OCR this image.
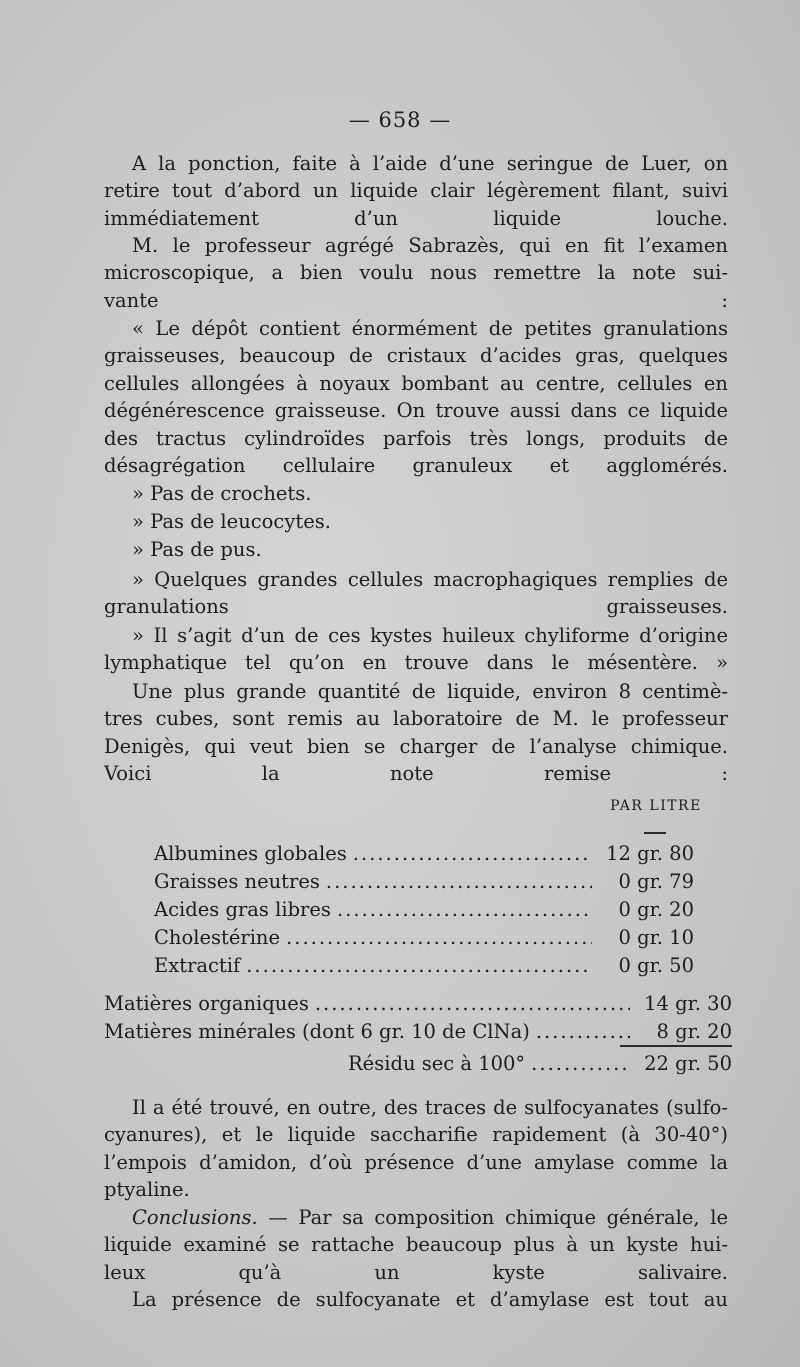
— 658 —
A la ponction, faite à l’aide d’une seringue de Luer, on
retire tout d’abord un liquide clair légèrement filant, suivi
immédiatement d’un liquide louche.
M. le professeur agrégé Sabrazès, qui en fit l’examen
microscopique, a bien voulu nous remettre la note sui-
vante :
« Le dépôt contient énormément de petites granulations
graisseuses, beaucoup de cristaux d’acides gras, quelques
cellules allongées à noyaux bombant au centre, cellules en
dégénérescence graisseuse. On trouve aussi dans ce liquide
des tractus cylindroïdes parfois très longs, produits de
désagrégation cellulaire granuleux et agglomérés.
» Pas de crochets.
» Pas de leucocytes.
» Pas de pus.
» Quelques grandes cellules macrophagiques remplies de
granulations graisseuses.
» Il s’agit d’un de ces kystes huileux chyliforme d’origine
lymphatique tel qu’on en trouve dans le mésentère. »
Une plus grande quantité de liquide, environ 8 centimè-
tres cubes, sont remis au laboratoire de M. le professeur
Denigès, qui veut bien se charger de l’analyse chimique.
Voici la note remise :
PAR LITRE
Albumines globales .....	12 gr. 80
Graisses neutres .....	0 gr. 79
Acides gras libres .....	0 gr. 20
Cholestérine .....	0 gr. 10
Extractif .....	0 gr. 50
Matières organiques .....	14 gr. 30
Matières minérales (dont 6 gr. 10 de ClNa) .....	8 gr. 20
Résidu sec à 100° .....	22 gr. 50
Il a été trouvé, en outre, des traces de sulfocyanates (sulfo-
cyanures), et le liquide saccharifie rapidement (à 30-40°)
l’empois d’amidon, d’où présence d’une amylase comme la
ptyaline.
Conclusions. — Par sa composition chimique générale, le
liquide examiné se rattache beaucoup plus à un kyste hui-
leux qu’à un kyste salivaire.
La présence de sulfocyanate et d’amylase est tout au
